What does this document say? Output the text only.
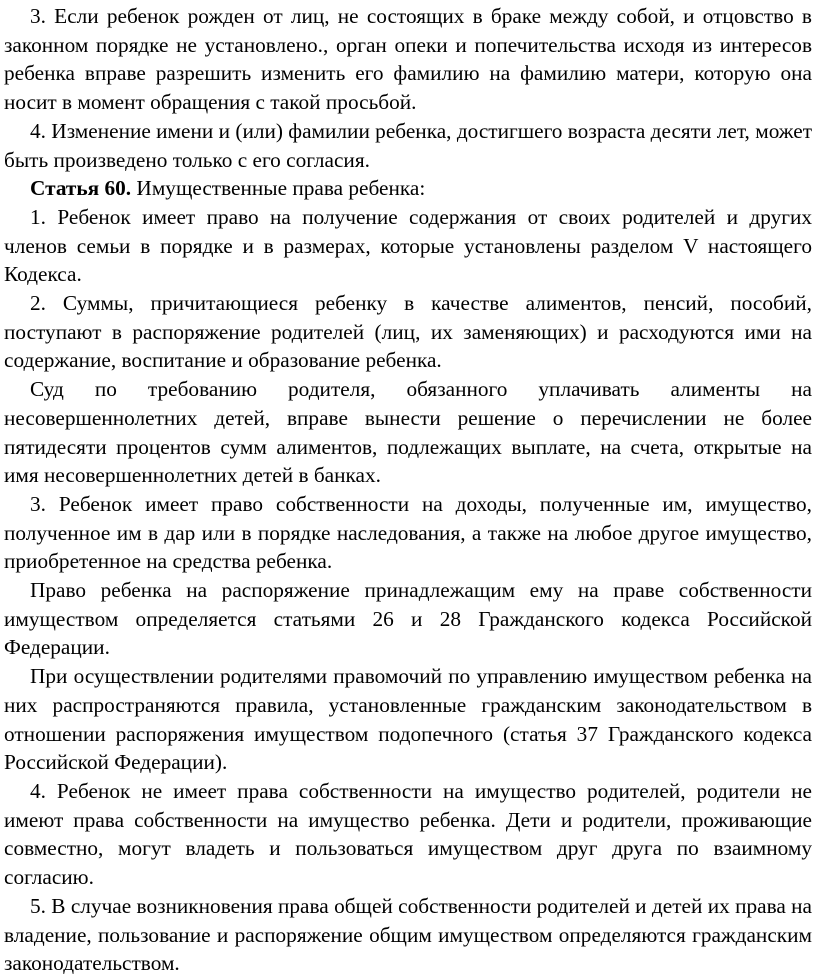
3. Если ребенок рожден от лиц, не состоящих в браке между собой, и отцовство в законном порядке не установлено., орган опеки и попечительства исходя из интересов ребенка вправе разрешить изменить его фамилию на фамилию матери, которую она носит в момент обращения с такой просьбой.

4. Изменение имени и (или) фамилии ребенка, достигшего возраста десяти лет, может быть произведено только с его согласия.

Статья 60. Имущественные права ребенка:

1. Ребенок имеет право на получение содержания от своих родителей и других членов семьи в порядке и в размерах, которые установлены разделом V настоящего Кодекса.

2. Суммы, причитающиеся ребенку в качестве алиментов, пенсий, пособий, поступают в распоряжение родителей (лиц, их заменяющих) и расходуются ими на содержание, воспитание и образование ребенка.

Суд по требованию родителя, обязанного уплачивать алименты на несовершеннолетних детей, вправе вынести решение о перечислении не более пятидесяти процентов сумм алиментов, подлежащих выплате, на счета, открытые на имя несовершеннолетних детей в банках.

3. Ребенок имеет право собственности на доходы, полученные им, имущество, полученное им в дар или в порядке наследования, а также на любое другое имущество, приобретенное на средства ребенка.

Право ребенка на распоряжение принадлежащим ему на праве собственности имуществом определяется статьями 26 и 28 Гражданского кодекса Российской Федерации.

При осуществлении родителями правомочий по управлению имуществом ребенка на них распространяются правила, установленные гражданским законодательством в отношении распоряжения имуществом подопечного (статья 37 Гражданского кодекса Российской Федерации).

4. Ребенок не имеет права собственности на имущество родителей, родители не имеют права собственности на имущество ребенка. Дети и родители, проживающие совместно, могут владеть и пользоваться имуществом друг друга по взаимному согласию.

5. В случае возникновения права общей собственности родителей и детей их права на владение, пользование и распоряжение общим имуществом определяются гражданским законодательством.
